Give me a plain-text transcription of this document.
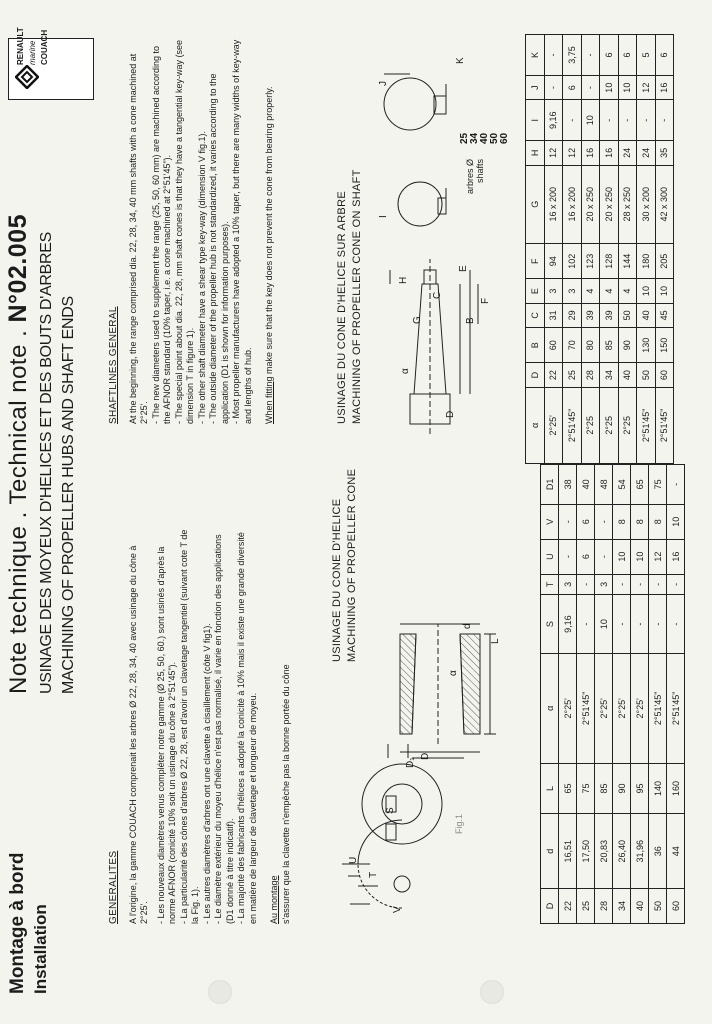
Montage à bord Installation
Note technique . Technical note . N°02.005 USINAGE DES MOYEUX D'HELICES ET DES BOUTS D'ARBRES MACHINING OF PROPELLER HUBS AND SHAFT ENDS
RENAULT marine COUACH
GENERALITES A l'origine, la gamme COUACH comprenait les arbres Ø 22, 28, 34, 40 avec usinage du cône à 2°25'. - Les nouveaux diamètres venus compléter notre gamme (Ø 25, 50, 60.) sont usinés d'après la norme AFNOR (conicité 10% soit un usinage du cône à 2°51'45"). - La particularité des cônes d'arbres Ø 22, 28, est d'avoir un clavetage tangentiel (suivant cote T de la Fig. 1). - Les autres diamètres d'arbres ont une clavette à cisaillement (côte V fig1). - Le diamètre extérieur du moyeu d'hélice n'est pas normalisé, il varie en fonction des applications (D1 donné à titre indicatif). - La majorité des fabricants d'hélices a adopté la conicité à 10% mais il existe une grande diversité en matière de largeur de clavetage et longueur de moyeu. Au montage s'assurer que la clavette n'empêche pas la bonne portée du cône

SHAFTLINES GENERAL At the beginning, the range comprised dia. 22, 28, 34, 40 mm shafts with a cone machined at 2°25'. - The new diameters used to supplement the range (25, 50, 60 mm) are machined according to the AFNOR standard (10% taper, i.e. a cone machined at 2°51'45"). - The special point about dia. 22, 28, mm shaft cones is that they have a tangential key-way (see dimension T in figure 1). - The other shaft diameter have a shear type key-way (dimension V fig.1). - The outside diameter of the propeller hub is not standardized, it varies according to the application (D1 is shown for information purposes). - Most propeller manufacturers have adopted a 10% taper, but there are many widths of key-way and lengths of hub. When fitting make sure that the key does not prevent the cone from bearing properly.

USINAGE DU CONE D'HELICE MACHINING OF PROPELLER CONE
V
T
S
U
Fig.1
L
D₁
D
α
d
D	d	L	α	S	T	U	V	D1
22	16,51	65	2°25'	9,16	3	-	-	38
25	17,50	75	2°51'45"	-	-	6	6	40
28	20,83	85	2°25'	10	3	-	-	48
34	26,40	90	2°25'	-	-	10	8	54
40	31,96	95	2°25'	-	-	10	8	65
50	36	140	2°51'45"	-	-	12	8	75
60	44	160	2°51'45"	-	-	16	10	-
USINAGE DU CONE D'HELICE SUR ARBRE MACHINING OF PROPELLER CONE ON SHAFT	D
B
F
C
E
H
G
α
I
arbres Ø shafts
25
34
40
50
60
J
K
α	D	B	C	E	F	G	H	I	J	K
2°25'	22	60	31	3	94	16 x 200	12	9,16	-	-
2°51'45"	25	70	29	3	102	16 x 200	12	-	6	3,75
2°25	28	80	39	4	123	20 x 250	16	10	-	-
2°25	34	85	39	4	128	20 x 250	16	-	10	6
2°25	40	90	50	4	144	28 x 250	24	-	10	6
2°51'45"	50	130	40	10	180	30 x 200	24	-	12	5
2°51'45"	60	150	45	10	205	42 x 300	35	-	16	6
